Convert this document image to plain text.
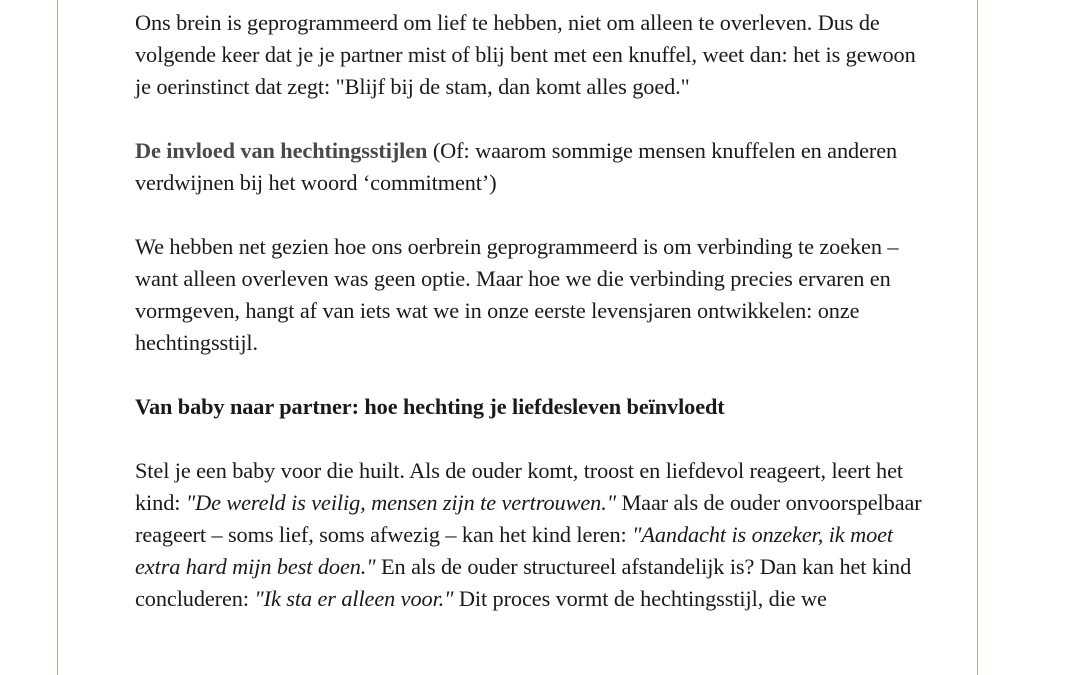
Ons brein is geprogrammeerd om lief te hebben, niet om alleen te overleven. Dus de volgende keer dat je je partner mist of blij bent met een knuffel, weet dan: het is gewoon je oerinstinct dat zegt: "Blijf bij de stam, dan komt alles goed."

De invloed van hechtingsstijlen (Of: waarom sommige mensen knuffelen en anderen verdwijnen bij het woord ‘commitment’)

We hebben net gezien hoe ons oerbrein geprogrammeerd is om verbinding te zoeken – want alleen overleven was geen optie. Maar hoe we die verbinding precies ervaren en vormgeven, hangt af van iets wat we in onze eerste levensjaren ontwikkelen: onze hechtingsstijl.

Van baby naar partner: hoe hechting je liefdesleven beïnvloedt

Stel je een baby voor die huilt. Als de ouder komt, troost en liefdevol reageert, leert het kind: "De wereld is veilig, mensen zijn te vertrouwen." Maar als de ouder onvoorspelbaar reageert – soms lief, soms afwezig – kan het kind leren: "Aandacht is onzeker, ik moet extra hard mijn best doen." En als de ouder structureel afstandelijk is? Dan kan het kind concluderen: "Ik sta er alleen voor." Dit proces vormt de hechtingsstijl, die we
